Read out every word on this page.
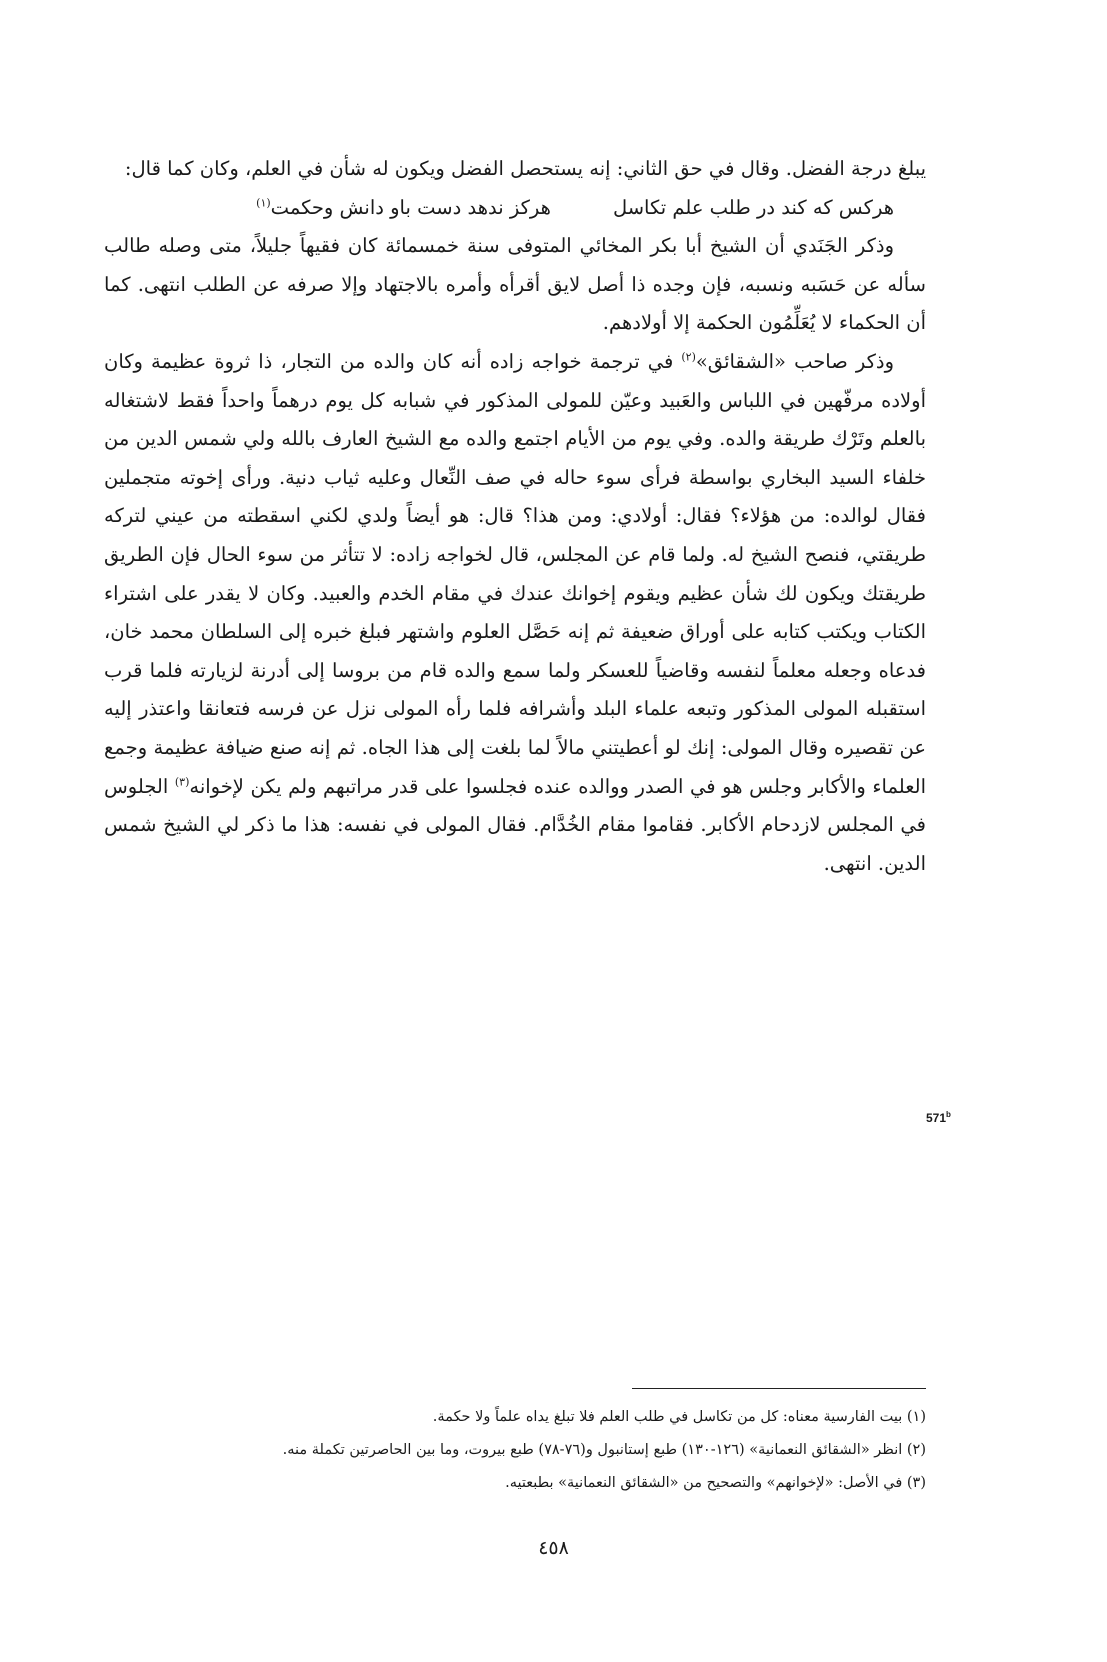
يبلغ درجة الفضل. وقال في حق الثاني: إنه يستحصل الفضل ويكون له شأن في العلم، وكان كما قال:

هركس كه كند در طلب علم تكاسل
هركز ندهد دست باو دانش وحكمت$^{(١)}$

وذكر الجَنَدي أن الشيخ أبا بكر المخائي المتوفى سنة خمسمائة كان فقيهاً جليلاً، متى وصله طالب سأله عن حَسَبه ونسبه، فإن وجده ذا أصل لايق أقرأه وأمره بالاجتهاد وإلا صرفه عن الطلب انتهى. كما أن الحكماء لا يُعَلِّمُون الحكمة إلا أولادهم.

وذكر صاحب «الشقائق»$^{(٢)}$ في ترجمة خواجه زاده أنه كان والده من التجار، ذا ثروة عظيمة وكان أولاده مرفّهين في اللباس والعَبيد وعيّن للمولى المذكور في شبابه كل يوم درهماً واحداً فقط لاشتغاله بالعلم وتَرْك طريقة والده. وفي يوم من الأيام اجتمع والده مع الشيخ العارف بالله ولي شمس الدين من خلفاء السيد البخاري بواسطة فرأى سوء حاله في صف النِّعال وعليه ثياب دنية. ورأى إخوته متجملين فقال لوالده: من هؤلاء؟ فقال: أولادي: ومن هذا؟ قال: هو أيضاً ولدي لكني اسقطته من عيني لتركه طريقتي، فنصح الشيخ له. ولما قام عن المجلس، قال لخواجه زاده: لا تتأثر من سوء الحال فإن الطريق طريقتك ويكون لك شأن عظيم ويقوم إخوانك عندك في مقام الخدم والعبيد. وكان لا يقدر على اشتراء الكتاب ويكتب كتابه على أوراق ضعيفة ثم إنه حَصَّل العلوم واشتهر فبلغ خبره إلى السلطان محمد خان، فدعاه وجعله معلماً لنفسه وقاضياً للعسكر ولما سمع والده قام من بروسا إلى أدرنة لزيارته فلما قرب استقبله المولى المذكور وتبعه علماء البلد وأشرافه فلما رأه المولى نزل عن فرسه فتعانقا واعتذر إليه عن تقصيره وقال المولى: إنك لو أعطيتني مالاً لما بلغت إلى هذا الجاه. ثم إنه صنع ضيافة عظيمة وجمع العلماء والأكابر وجلس هو في الصدر ووالده عنده فجلسوا على قدر مراتبهم ولم يكن لإخوانه$^{(٣)}$ الجلوس في المجلس لازدحام الأكابر. فقاموا مقام الخُدَّام. فقال المولى في نفسه: هذا ما ذكر لي الشيخ شمس الدين. انتهى.

571$^b$
(١) بيت الفارسية معناه: كل من تكاسل في طلب العلم فلا تبلغ يداه علماً ولا حكمة.
(٢) انظر «الشقائق النعمانية» (١٢٦-١٣٠) طبع إستانبول و(٧٦-٧٨) طبع بيروت، وما بين الحاصرتين تكملة منه.
(٣) في الأصل: «لإخوانهم» والتصحيح من «الشقائق النعمانية» بطبعتيه.
٤٥٨
